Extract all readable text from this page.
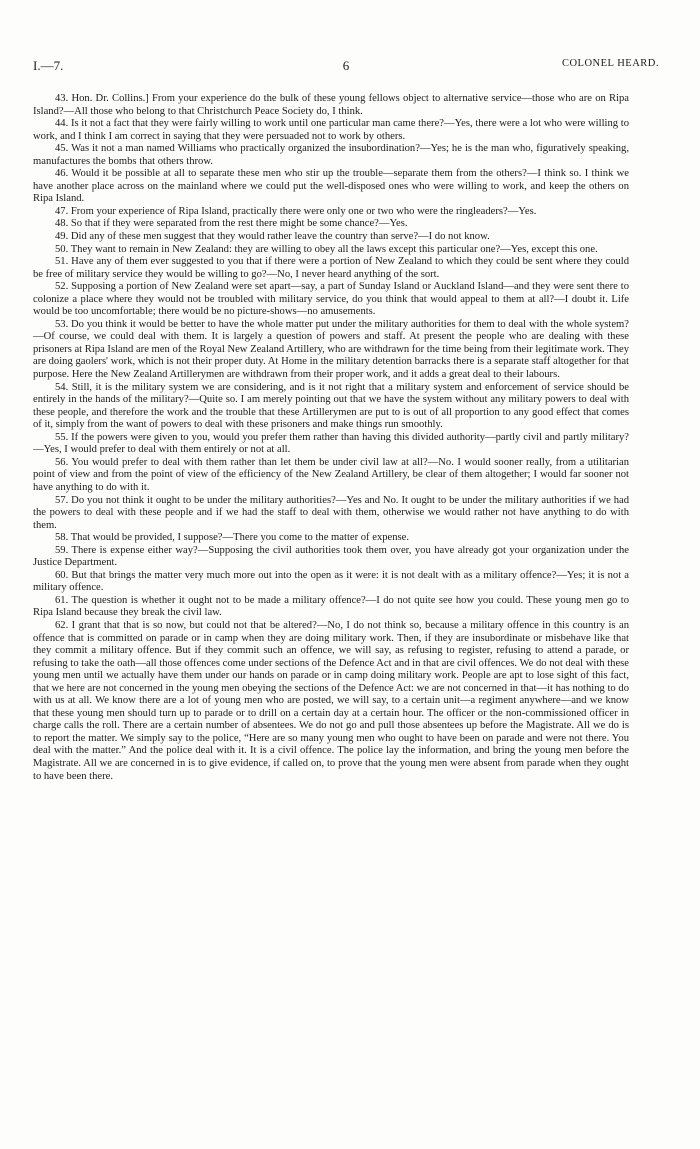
I.—7.	6	COLONEL HEARD.

43. Hon. Dr. Collins.] From your experience do the bulk of these young fellows object to alternative service—those who are on Ripa Island?—All those who belong to that Christchurch Peace Society do, I think.

44. Is it not a fact that they were fairly willing to work until one particular man came there?—Yes, there were a lot who were willing to work, and I think I am correct in saying that they were persuaded not to work by others.

45. Was it not a man named Williams who practically organized the insubordination?—Yes; he is the man who, figuratively speaking, manufactures the bombs that others throw.

46. Would it be possible at all to separate these men who stir up the trouble—separate them from the others?—I think so. I think we have another place across on the mainland where we could put the well-disposed ones who were willing to work, and keep the others on Ripa Island.

47. From your experience of Ripa Island, practically there were only one or two who were the ringleaders?—Yes.

48. So that if they were separated from the rest there might be some chance?—Yes.

49. Did any of these men suggest that they would rather leave the country than serve?—I do not know.

50. They want to remain in New Zealand: they are willing to obey all the laws except this particular one?—Yes, except this one.

51. Have any of them ever suggested to you that if there were a portion of New Zealand to which they could be sent where they could be free of military service they would be willing to go?—No, I never heard anything of the sort.

52. Supposing a portion of New Zealand were set apart—say, a part of Sunday Island or Auckland Island—and they were sent there to colonize a place where they would not be troubled with military service, do you think that would appeal to them at all?—I doubt it. Life would be too uncomfortable; there would be no picture-shows—no amusements.

53. Do you think it would be better to have the whole matter put under the military authorities for them to deal with the whole system?—Of course, we could deal with them. It is largely a question of powers and staff. At present the people who are dealing with these prisoners at Ripa Island are men of the Royal New Zealand Artillery, who are withdrawn for the time being from their legitimate work. They are doing gaolers' work, which is not their proper duty. At Home in the military detention barracks there is a separate staff altogether for that purpose. Here the New Zealand Artillerymen are withdrawn from their proper work, and it adds a great deal to their labours.

54. Still, it is the military system we are considering, and is it not right that a military system and enforcement of service should be entirely in the hands of the military?—Quite so. I am merely pointing out that we have the system without any military powers to deal with these people, and therefore the work and the trouble that these Artillerymen are put to is out of all proportion to any good effect that comes of it, simply from the want of powers to deal with these prisoners and make things run smoothly.

55. If the powers were given to you, would you prefer them rather than having this divided authority—partly civil and partly military?—Yes, I would prefer to deal with them entirely or not at all.

56. You would prefer to deal with them rather than let them be under civil law at all?—No. I would sooner really, from a utilitarian point of view and from the point of view of the efficiency of the New Zealand Artillery, be clear of them altogether; I would far sooner not have anything to do with it.

57. Do you not think it ought to be under the military authorities?—Yes and No. It ought to be under the military authorities if we had the powers to deal with these people and if we had the staff to deal with them, otherwise we would rather not have anything to do with them.

58. That would be provided, I suppose?—There you come to the matter of expense.

59. There is expense either way?—Supposing the civil authorities took them over, you have already got your organization under the Justice Department.

60. But that brings the matter very much more out into the open as it were: it is not dealt with as a military offence?—Yes; it is not a military offence.

61. The question is whether it ought not to be made a military offence?—I do not quite see how you could. These young men go to Ripa Island because they break the civil law.

62. I grant that that is so now, but could not that be altered?—No, I do not think so, because a military offence in this country is an offence that is committed on parade or in camp when they are doing military work. Then, if they are insubordinate or misbehave like that they commit a military offence. But if they commit such an offence, we will say, as refusing to register, refusing to attend a parade, or refusing to take the oath—all those offences come under sections of the Defence Act and in that are civil offences. We do not deal with these young men until we actually have them under our hands on parade or in camp doing military work. People are apt to lose sight of this fact, that we here are not concerned in the young men obeying the sections of the Defence Act: we are not concerned in that—it has nothing to do with us at all. We know there are a lot of young men who are posted, we will say, to a certain unit—a regiment anywhere—and we know that these young men should turn up to parade or to drill on a certain day at a certain hour. The officer or the non-commissioned officer in charge calls the roll. There are a certain number of absentees. We do not go and pull those absentees up before the Magistrate. All we do is to report the matter. We simply say to the police, “Here are so many young men who ought to have been on parade and were not there. You deal with the matter.” And the police deal with it. It is a civil offence. The police lay the information, and bring the young men before the Magistrate. All we are concerned in is to give evidence, if called on, to prove that the young men were absent from parade when they ought to have been there.
